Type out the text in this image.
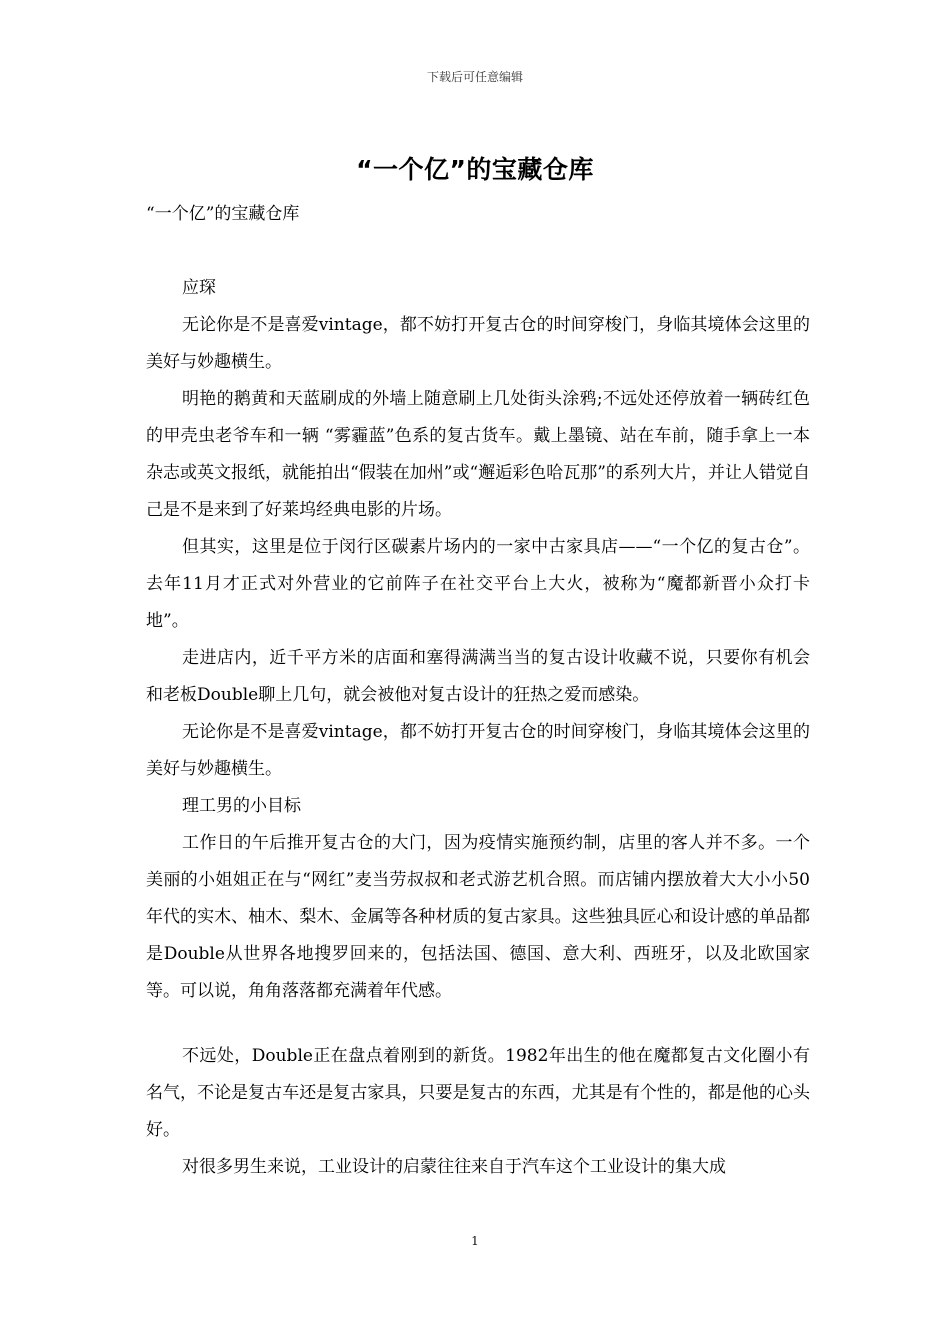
下载后可任意编辑
“一个亿”的宝藏仓库

“一个亿”的宝藏仓库

应琛

无论你是不是喜爱vintage，都不妨打开复古仓的时间穿梭门，身临其境体会这里的美好与妙趣横生。

明艳的鹅黄和天蓝刷成的外墙上随意刷上几处街头涂鸦;不远处还停放着一辆砖红色的甲壳虫老爷车和一辆 “雾霾蓝”色系的复古货车。戴上墨镜、站在车前，随手拿上一本杂志或英文报纸，就能拍出“假装在加州”或“邂逅彩色哈瓦那”的系列大片，并让人错觉自己是不是来到了好莱坞经典电影的片场。

但其实，这里是位于闵行区碳素片场内的一家中古家具店——“一个亿的复古仓”。去年11月才正式对外营业的它前阵子在社交平台上大火，被称为“魔都新晋小众打卡地”。

走进店内，近千平方米的店面和塞得满满当当的复古设计收藏不说，只要你有机会和老板Double聊上几句，就会被他对复古设计的狂热之爱而感染。

无论你是不是喜爱vintage，都不妨打开复古仓的时间穿梭门，身临其境体会这里的美好与妙趣横生。

理工男的小目标

工作日的午后推开复古仓的大门，因为疫情实施预约制，店里的客人并不多。一个美丽的小姐姐正在与“网红”麦当劳叔叔和老式游艺机合照。而店铺内摆放着大大小小50年代的实木、柚木、梨木、金属等各种材质的复古家具。这些独具匠心和设计感的单品都是Double从世界各地搜罗回来的，包括法国、德国、意大利、西班牙，以及北欧国家等。可以说，角角落落都充满着年代感。

不远处，Double正在盘点着刚到的新货。1982年出生的他在魔都复古文化圈小有名气，不论是复古车还是复古家具，只要是复古的东西，尤其是有个性的，都是他的心头好。

对很多男生来说，工业设计的启蒙往往来自于汽车这个工业设计的集大成

1
